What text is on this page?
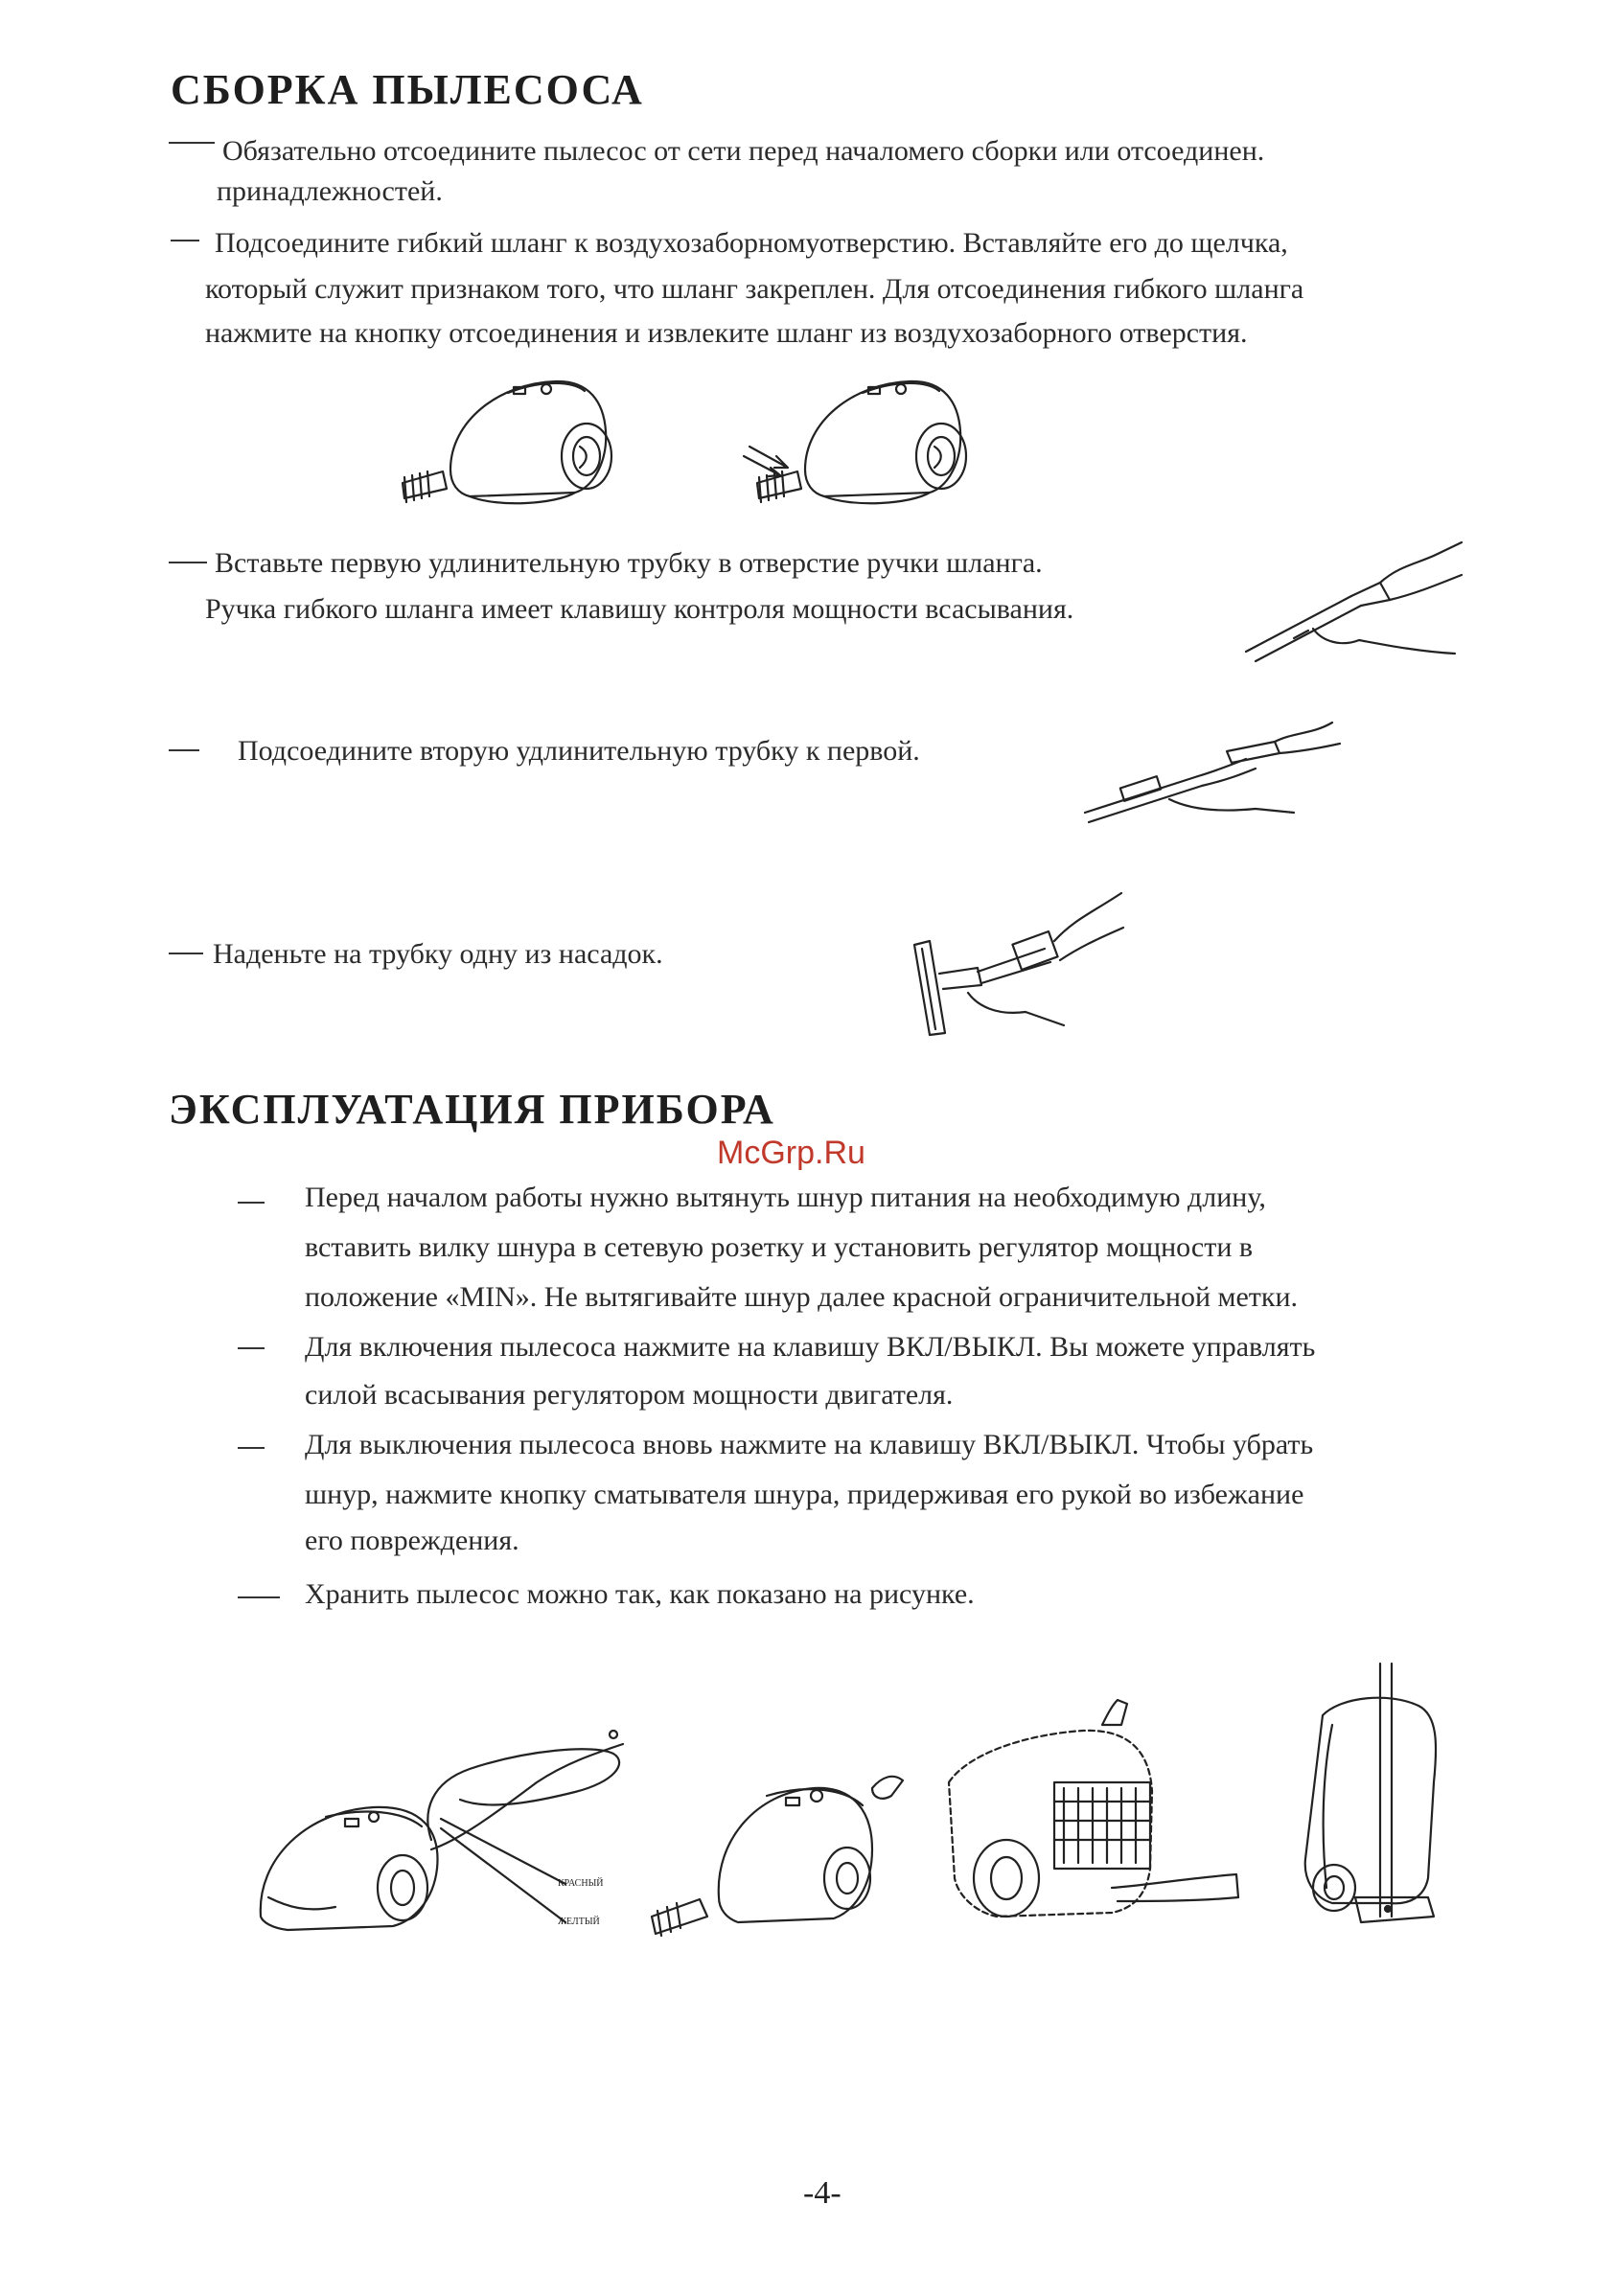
СБОРКА ПЫЛЕСОСА
Обязательно отсоедините пылесос от сети перед началомего сборки или отсоединен.
принадлежностей.
Подсоедините гибкий шланг к воздухозаборномуотверстию. Вставляйте его до щелчка,
который служит признаком того, что шланг закреплен. Для отсоединения гибкого шланга
нажмите на кнопку отсоединения и извлеките шланг из воздухозаборного отверстия.
Вставьте первую удлинительную трубку в отверстие ручки шланга.
Ручка гибкого шланга имеет клавишу контроля мощности всасывания.
Подсоедините вторую удлинительную трубку к первой.
Наденьте на трубку одну из насадок.
ЭКСПЛУАТАЦИЯ ПРИБОРА
McGrp.Ru
Перед началом работы нужно вытянуть шнур питания на необходимую длину,
вставить вилку шнура в сетевую розетку и установить регулятор мощности в
положение «MIN». Не вытягивайте шнур далее красной ограничительной метки.
Для включения пылесоса нажмите на клавишу ВКЛ/ВЫКЛ. Вы можете управлять
силой всасывания регулятором мощности двигателя.
Для выключения пылесоса вновь нажмите на клавишу ВКЛ/ВЫКЛ. Чтобы убрать
шнур, нажмите кнопку сматывателя шнура, придерживая его рукой во избежание
его повреждения.
Хранить пылесос можно так, как показано на рисунке.
КРАСНЫЙ
ЖЕЛТЫЙ
-4-
